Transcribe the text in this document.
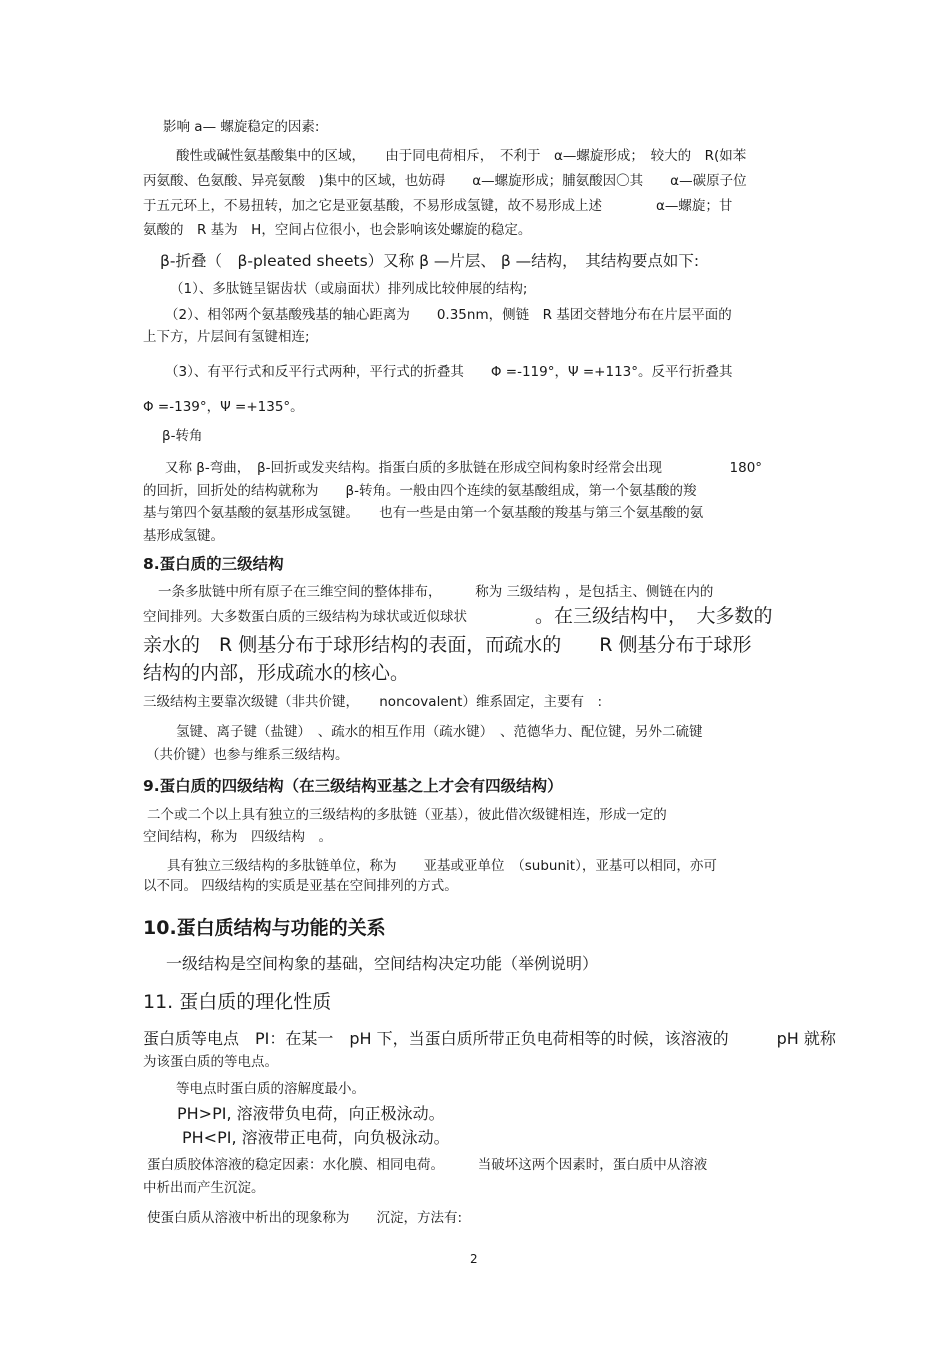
影响 a— 螺旋稳定的因素:
酸性或碱性氨基酸集中的区域，　　由于同电荷相斥，　不利于　α—螺旋形成；　较大的　R(如苯
丙氨酸、色氨酸、异亮氨酸　)集中的区域，也妨碍　　α—螺旋形成；脯氨酸因〇其　　α—碳原子位
于五元环上，不易扭转，加之它是亚氨基酸，不易形成氢键，故不易形成上述　　　　α—螺旋；甘
氨酸的　R 基为　H，空间占位很小，也会影响该处螺旋的稳定。
β-折叠（　β-pleated sheets）又称 β —片层、 β —结构，　其结构要点如下:
（1）、多肽链呈锯齿状（或扇面状）排列成比较伸展的结构;
（2）、相邻两个氨基酸残基的轴心距离为　　0.35nm，侧链　R 基团交替地分布在片层平面的
上下方，片层间有氢键相连;
（3）、有平行式和反平行式两种，平行式的折叠其　　Φ =-119°，Ψ =+113°。反平行折叠其
Φ =-139°，Ψ =+135°。
β-转角
又称 β-弯曲，　β-回折或发夹结构。指蛋白质的多肽链在形成空间构象时经常会出现　　　　　180°
的回折，回折处的结构就称为　　β-转角。一般由四个连续的氨基酸组成，第一个氨基酸的羧
基与第四个氨基酸的氨基形成氢键。　　也有一些是由第一个氨基酸的羧基与第三个氨基酸的氨
基形成氢键。
8.蛋白质的三级结构
一条多肽链中所有原子在三维空间的整体排布，　　　称为 三级结构 ，是包括主、侧链在内的
空间排列。大多数蛋白质的三级结构为球状或近似球状	。在三级结构中，　大多数的
亲水的　R 侧基分布于球形结构的表面，而疏水的　　R 侧基分布于球形
结构的内部，形成疏水的核心。
三级结构主要靠次级键（非共价键，　　noncovalent）维系固定，主要有　:
氢键、离子键（盐键）　、疏水的相互作用（疏水键）　、范德华力、配位键，另外二硫键
（共价键）也参与维系三级结构。
9.蛋白质的四级结构（在三级结构亚基之上才会有四级结构）
二个或二个以上具有独立的三级结构的多肽链（亚基），彼此借次级键相连，形成一定的
空间结构，称为　四级结构　。
具有独立三级结构的多肽链单位，称为　　亚基或亚单位　（subunit），亚基可以相同，亦可
以不同。 四级结构的实质是亚基在空间排列的方式。
10.蛋白质结构与功能的关系
一级结构是空间构象的基础，空间结构决定功能（举例说明）
11. 蛋白质的理化性质
蛋白质等电点　PI：在某一　pH 下，当蛋白质所带正负电荷相等的时候，该溶液的　　　pH 就称
为该蛋白质的等电点。
等电点时蛋白质的溶解度最小。
PH>PI, 溶液带负电荷，向正极泳动。
PH<PI, 溶液带正电荷，向负极泳动。
蛋白质胶体溶液的稳定因素：水化膜、相同电荷。　　　当破坏这两个因素时，蛋白质中从溶液
中析出而产生沉淀。
使蛋白质从溶液中析出的现象称为　　沉淀，方法有:
2
